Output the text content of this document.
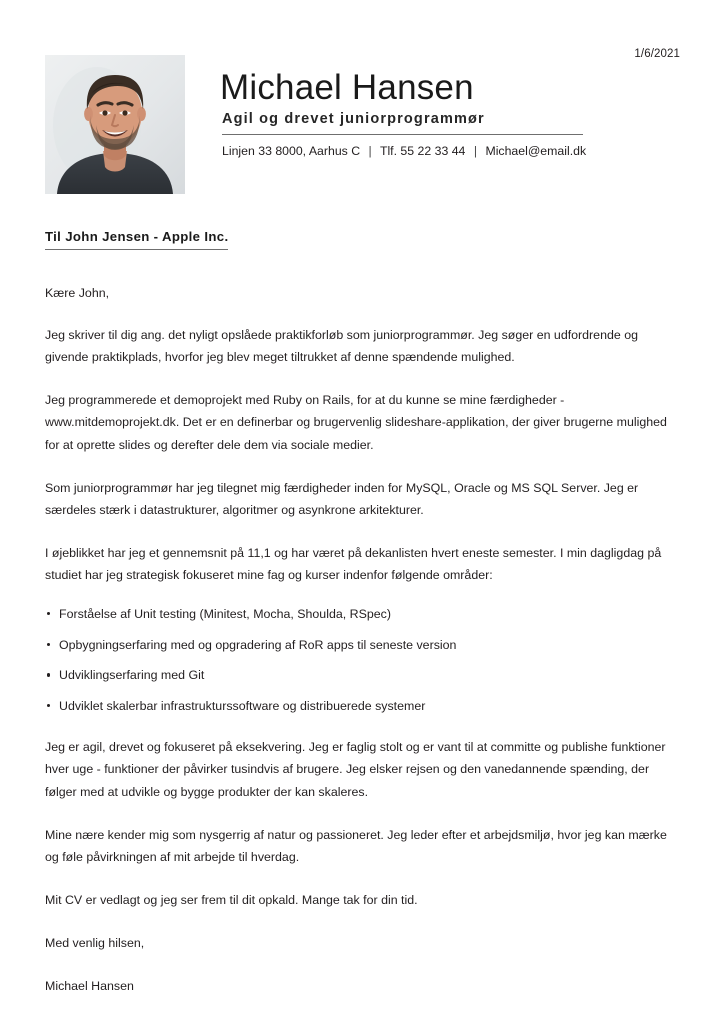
1/6/2021
Michael Hansen
Agil og drevet juniorprogrammør
Linjen 33 8000, Aarhus C | Tlf. 55 22 33 44 | Michael@email.dk
Til John Jensen - Apple Inc.
Kære John,

Jeg skriver til dig ang. det nyligt opslåede praktikforløb som juniorprogrammør. Jeg søger en udfordrende og givende praktikplads, hvorfor jeg blev meget tiltrukket af denne spændende mulighed.

Jeg programmerede et demoprojekt med Ruby on Rails, for at du kunne se mine færdigheder - www.mitdemoprojekt.dk. Det er en definerbar og brugervenlig slideshare-applikation, der giver brugerne mulighed for at oprette slides og derefter dele dem via sociale medier.

Som juniorprogrammør har jeg tilegnet mig færdigheder inden for MySQL, Oracle og MS SQL Server. Jeg er særdeles stærk i datastrukturer, algoritmer og asynkrone arkitekturer.

I øjeblikket har jeg et gennemsnit på 11,1 og har været på dekanlisten hvert eneste semester. I min dagligdag på studiet har jeg strategisk fokuseret mine fag og kurser indenfor følgende områder:

Forståelse af Unit testing (Minitest, Mocha, Shoulda, RSpec)
Opbygningserfaring med og opgradering af RoR apps til seneste version
Udviklingserfaring med Git
Udviklet skalerbar infrastrukturssoftware og distribuerede systemer

Jeg er agil, drevet og fokuseret på eksekvering. Jeg er faglig stolt og er vant til at committe og publishe funktioner hver uge - funktioner der påvirker tusindvis af brugere. Jeg elsker rejsen og den vanedannende spænding, der følger med at udvikle og bygge produkter der kan skaleres.

Mine nære kender mig som nysgerrig af natur og passioneret. Jeg leder efter et arbejdsmiljø, hvor jeg kan mærke og føle påvirkningen af mit arbejde til hverdag.

Mit CV er vedlagt og jeg ser frem til dit opkald. Mange tak for din tid.

Med venlig hilsen,

Michael Hansen
